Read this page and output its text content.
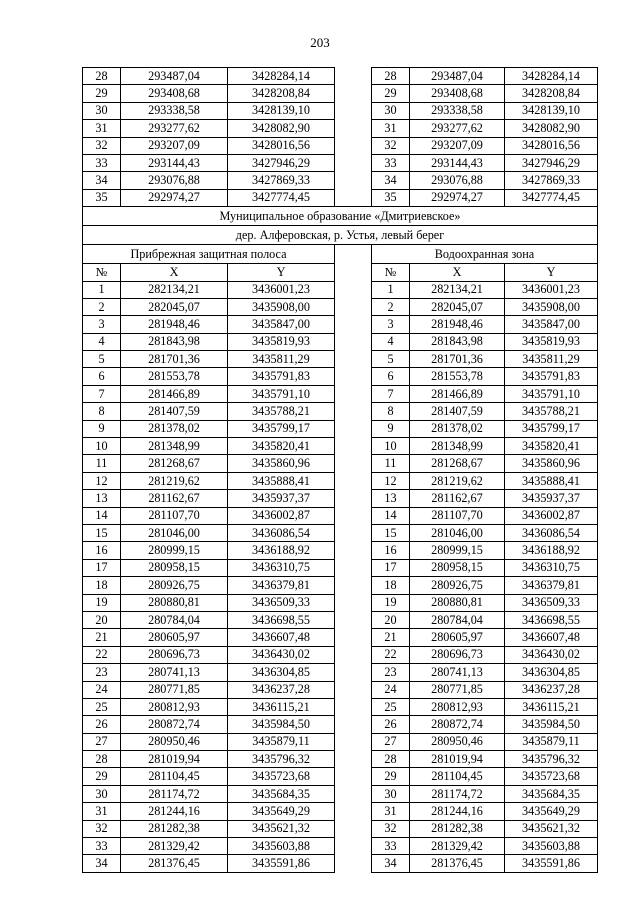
203
28	293487,04	3428284,14		28	293487,04	3428284,14
29	293408,68	3428208,84		29	293408,68	3428208,84
30	293338,58	3428139,10		30	293338,58	3428139,10
31	293277,62	3428082,90		31	293277,62	3428082,90
32	293207,09	3428016,56		32	293207,09	3428016,56
33	293144,43	3427946,29		33	293144,43	3427946,29
34	293076,88	3427869,33		34	293076,88	3427869,33
35	292974,27	3427774,45		35	292974,27	3427774,45
Муниципальное образование «Дмитриевское»						
дер. Алферовская, р. Устья, левый берег						
Прибрежная защитная полоса				Водоохранная зона		
№	X	Y		№	X	Y
1	282134,21	3436001,23		1	282134,21	3436001,23
2	282045,07	3435908,00		2	282045,07	3435908,00
3	281948,46	3435847,00		3	281948,46	3435847,00
4	281843,98	3435819,93		4	281843,98	3435819,93
5	281701,36	3435811,29		5	281701,36	3435811,29
6	281553,78	3435791,83		6	281553,78	3435791,83
7	281466,89	3435791,10		7	281466,89	3435791,10
8	281407,59	3435788,21		8	281407,59	3435788,21
9	281378,02	3435799,17		9	281378,02	3435799,17
10	281348,99	3435820,41		10	281348,99	3435820,41
11	281268,67	3435860,96		11	281268,67	3435860,96
12	281219,62	3435888,41		12	281219,62	3435888,41
13	281162,67	3435937,37		13	281162,67	3435937,37
14	281107,70	3436002,87		14	281107,70	3436002,87
15	281046,00	3436086,54		15	281046,00	3436086,54
16	280999,15	3436188,92		16	280999,15	3436188,92
17	280958,15	3436310,75		17	280958,15	3436310,75
18	280926,75	3436379,81		18	280926,75	3436379,81
19	280880,81	3436509,33		19	280880,81	3436509,33
20	280784,04	3436698,55		20	280784,04	3436698,55
21	280605,97	3436607,48		21	280605,97	3436607,48
22	280696,73	3436430,02		22	280696,73	3436430,02
23	280741,13	3436304,85		23	280741,13	3436304,85
24	280771,85	3436237,28		24	280771,85	3436237,28
25	280812,93	3436115,21		25	280812,93	3436115,21
26	280872,74	3435984,50		26	280872,74	3435984,50
27	280950,46	3435879,11		27	280950,46	3435879,11
28	281019,94	3435796,32		28	281019,94	3435796,32
29	281104,45	3435723,68		29	281104,45	3435723,68
30	281174,72	3435684,35		30	281174,72	3435684,35
31	281244,16	3435649,29		31	281244,16	3435649,29
32	281282,38	3435621,32		32	281282,38	3435621,32
33	281329,42	3435603,88		33	281329,42	3435603,88
34	281376,45	3435591,86		34	281376,45	3435591,86
